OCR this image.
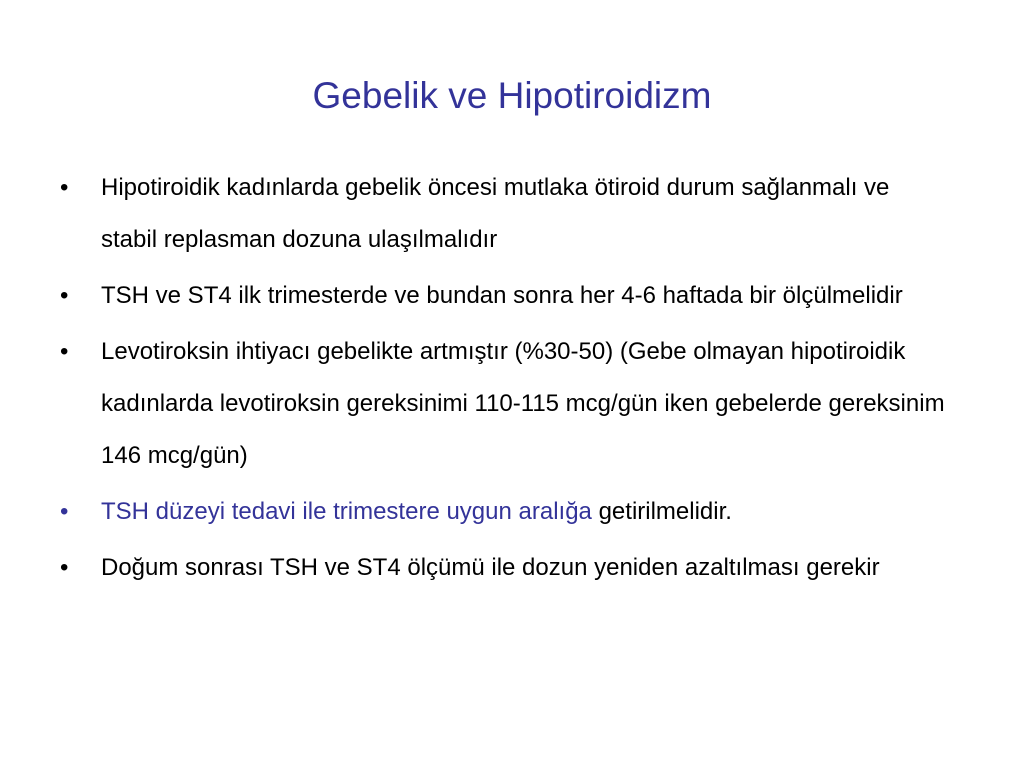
Gebelik ve Hipotiroidizm
•	Hipotiroidik kadınlarda gebelik öncesi mutlaka ötiroid durum sağlanmalı ve stabil replasman dozuna ulaşılmalıdır
•	TSH ve ST4 ilk trimesterde ve bundan sonra her 4-6 haftada bir ölçülmelidir
•	Levotiroksin ihtiyacı gebelikte artmıştır (%30-50) (Gebe olmayan hipotiroidik kadınlarda levotiroksin gereksinimi 110-115 mcg/gün iken gebelerde gereksinim 146 mcg/gün)
•	TSH düzeyi tedavi ile trimestere uygun aralığa getirilmelidir.
•	Doğum sonrası TSH ve ST4 ölçümü ile dozun yeniden azaltılması gerekir
